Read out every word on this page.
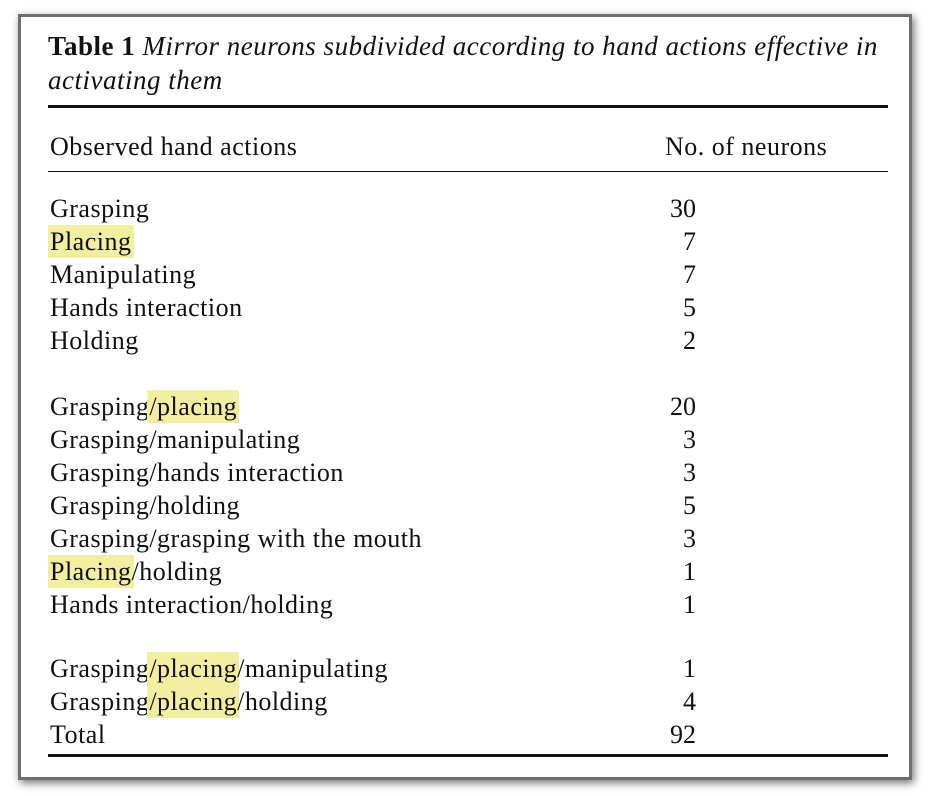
Table 1 Mirror neurons subdivided according to hand actions effective in activating them
Observed hand actions	No. of neurons
Grasping	30
Placing	7
Manipulating	7
Hands interaction	5
Holding	2
Grasping/placing	20
Grasping/manipulating	3
Grasping/hands interaction	3
Grasping/holding	5
Grasping/grasping with the mouth	3
Placing/holding	1
Hands interaction/holding	1
Grasping/placing/manipulating	1
Grasping/placing/holding	4
Total	92
